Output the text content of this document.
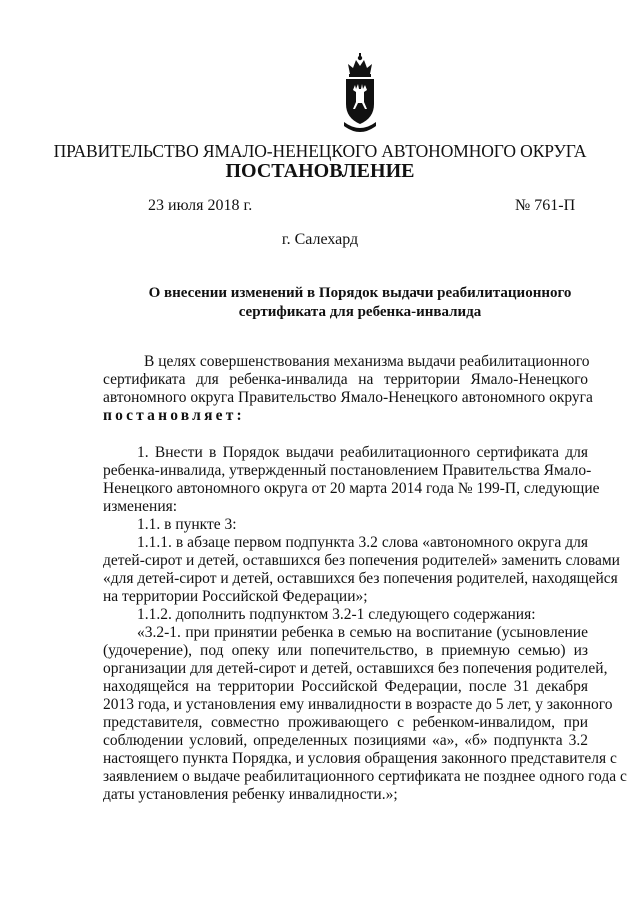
ПРАВИТЕЛЬСТВО ЯМАЛО-НЕНЕЦКОГО АВТОНОМНОГО ОКРУГА
ПОСТАНОВЛЕНИЕ
23 июля 2018 г.	№ 761-П
г. Салехард
О внесении изменений в Порядок выдачи реабилитационного
сертификата для ребенка-инвалида
В целях совершенствования механизма выдачи реабилитационного
сертификата для ребенка-инвалида на территории Ямало-Ненецкого
автономного округа Правительство Ямало-Ненецкого автономного округа
постановляет:
1. Внести в Порядок выдачи реабилитационного сертификата для
ребенка-инвалида, утвержденный постановлением Правительства Ямало-
Ненецкого автономного округа от 20 марта 2014 года № 199-П, следующие
изменения:
1.1. в пункте 3:
1.1.1. в абзаце первом подпункта 3.2 слова «автономного округа для
детей-сирот и детей, оставшихся без попечения родителей» заменить словами
«для детей-сирот и детей, оставшихся без попечения родителей, находящейся
на территории Российской Федерации»;
1.1.2. дополнить подпунктом 3.2-1 следующего содержания:
«3.2-1. при принятии ребенка в семью на воспитание (усыновление
(удочерение), под опеку или попечительство, в приемную семью) из
организации для детей-сирот и детей, оставшихся без попечения родителей,
находящейся на территории Российской Федерации, после 31 декабря
2013 года, и установления ему инвалидности в возрасте до 5 лет, у законного
представителя, совместно проживающего с ребенком-инвалидом, при
соблюдении условий, определенных позициями «а», «б» подпункта 3.2
настоящего пункта Порядка, и условия обращения законного представителя с
заявлением о выдаче реабилитационного сертификата не позднее одного года с
даты установления ребенку инвалидности.»;
